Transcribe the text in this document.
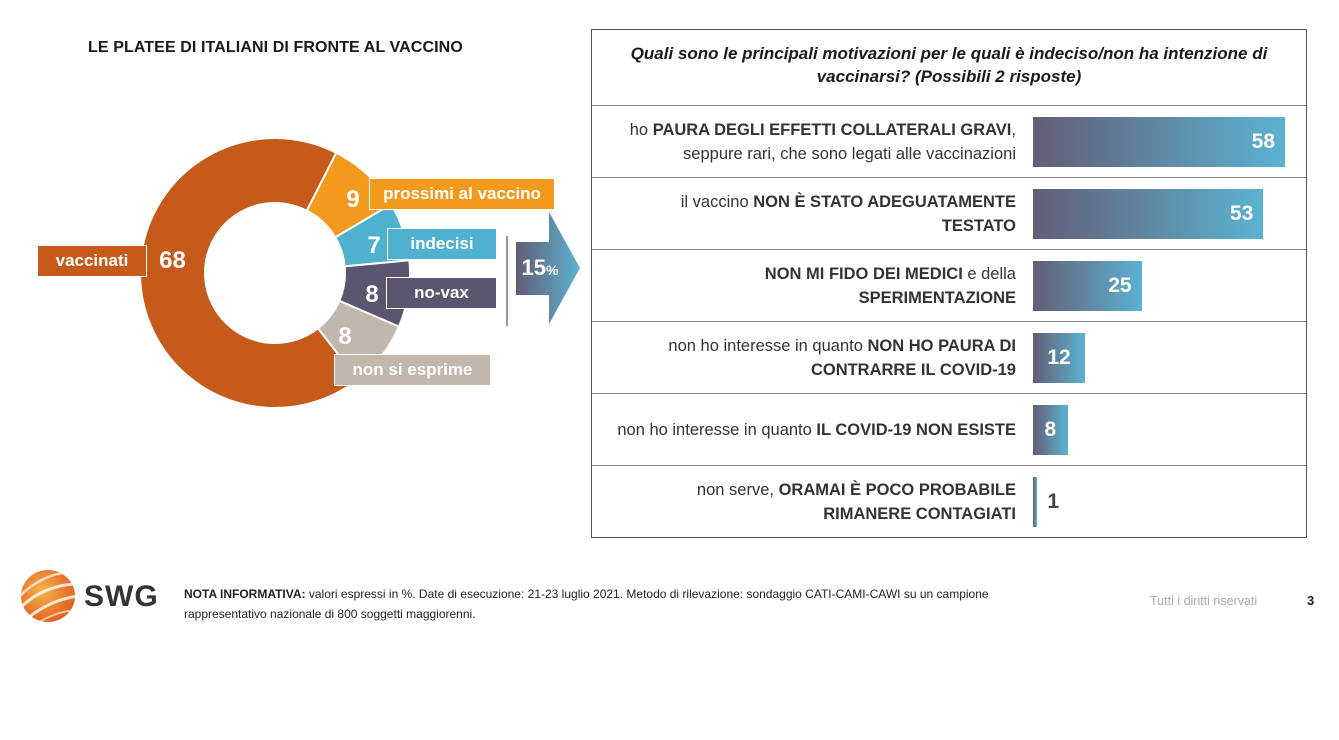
LE PLATEE DI ITALIANI DI FRONTE AL VACCINO
15%
vaccinati	68
9	prossimi al vaccino
7	indecisi
8	no-vax
8
non si esprime
Quali sono le principali motivazioni per le quali è indeciso/non ha intenzione di vaccinarsi? (Possibili 2 risposte)
ho PAURA DEGLI EFFETTI COLLATERALI GRAVI, seppure rari, che sono legati alle vaccinazioni
58
il vaccino NON È STATO ADEGUATAMENTE TESTATO
53
NON MI FIDO DEI MEDICI e della SPERIMENTAZIONE
25
non ho interesse in quanto NON HO PAURA DI CONTRARRE IL COVID-19
12
non ho interesse in quanto IL COVID-19 NON ESISTE	8
non serve, ORAMAI È POCO PROBABILE RIMANERE CONTAGIATI
1
SWG NOTA INFORMATIVA: valori espressi in %. Date di esecuzione: 21-23 luglio 2021. Metodo di rilevazione: sondaggio CATI-CAMI-CAWI su un campione rappresentativo nazionale di 800 soggetti maggiorenni.
Tutti i diritti riservati	3
